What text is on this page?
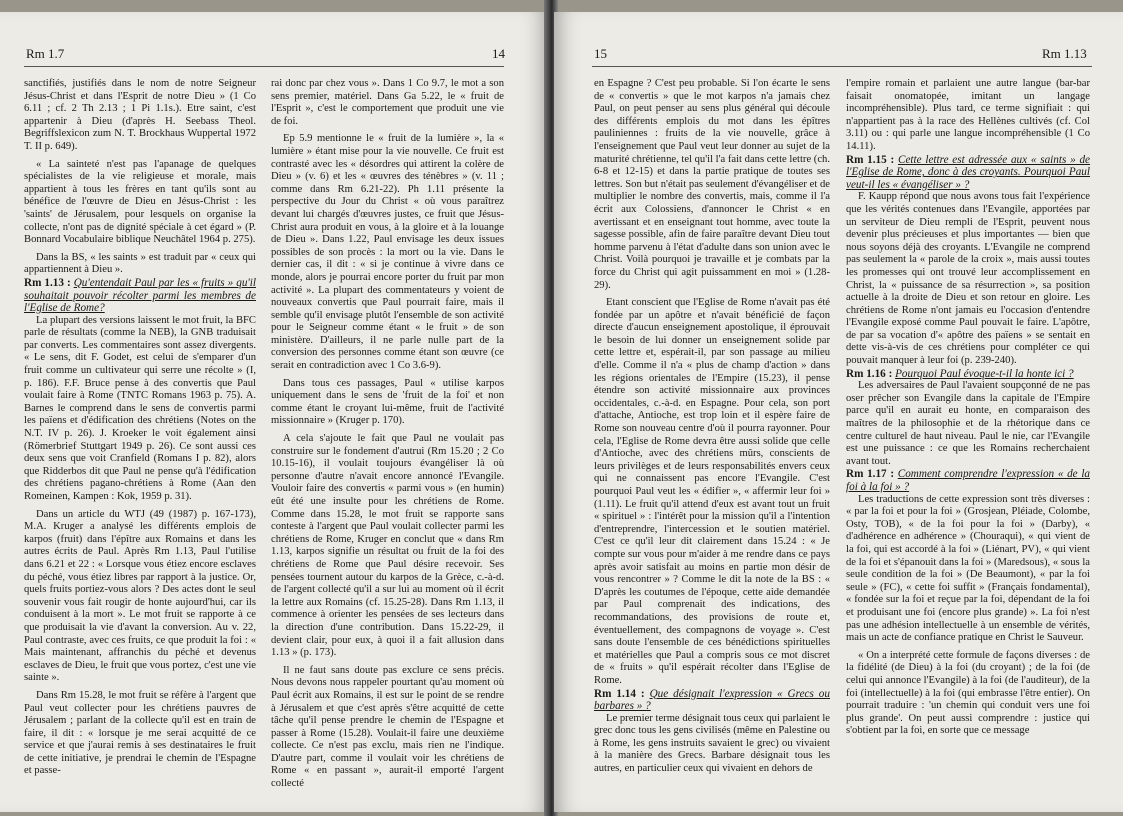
Rm 1.7	14

sanctifiés, justifiés dans le nom de notre Seigneur Jésus-Christ et dans l'Esprit de notre Dieu » (1 Co 6.11 ; cf. 2 Th 2.13 ; 1 Pi 1.1s.). Etre saint, c'est appartenir à Dieu (d'après H. Seebass Theol. Begriffslexicon zum N. T. Brockhaus Wuppertal 1972 T. II p. 649).

« La sainteté n'est pas l'apanage de quelques spécialistes de la vie religieuse et morale, mais appartient à tous les frères en tant qu'ils sont au bénéfice de l'œuvre de Dieu en Jésus-Christ : les 'saints' de Jérusalem, pour lesquels on organise la collecte, n'ont pas de dignité spéciale à cet égard » (P. Bonnard Vocabulaire biblique Neuchâtel 1964 p. 275).

Dans la BS, « les saints » est traduit par « ceux qui appartiennent à Dieu ».

Rm 1.13 : Qu'entendait Paul par les « fruits » qu'il souhaitait pouvoir récolter parmi les membres de l'Eglise de Rome?

La plupart des versions laissent le mot fruit, la BFC parle de résultats (comme la NEB), la GNB traduisait par converts. Les commentaires sont assez divergents. « Le sens, dit F. Godet, est celui de s'emparer d'un fruit comme un cultivateur qui serre une récolte » (I, p. 186). F.F. Bruce pense à des convertis que Paul voulait faire à Rome (TNTC Romans 1963 p. 75). A. Barnes le comprend dans le sens de convertis parmi les païens et d'édification des chrétiens (Notes on the N.T. IV p. 26). J. Kroeker le voit également ainsi (Römerbrief Stuttgart 1949 p. 26). Ce sont aussi ces deux sens que voit Cranfield (Romans I p. 82), alors que Ridderbos dit que Paul ne pense qu'à l'édification des chrétiens pagano-chrétiens à Rome (Aan den Romeinen, Kampen : Kok, 1959 p. 31).

Dans un article du WTJ (49 (1987) p. 167-173), M.A. Kruger a analysé les différents emplois de karpos (fruit) dans l'épître aux Romains et dans les autres écrits de Paul. Après Rm 1.13, Paul l'utilise dans 6.21 et 22 : « Lorsque vous étiez encore esclaves du péché, vous étiez libres par rapport à la justice. Or, quels fruits portiez-vous alors ? Des actes dont le seul souvenir vous fait rougir de honte aujourd'hui, car ils conduisent à la mort ». Le mot fruit se rapporte à ce que produisait la vie d'avant la conversion. Au v. 22, Paul contraste, avec ces fruits, ce que produit la foi : « Mais maintenant, affranchis du péché et devenus esclaves de Dieu, le fruit que vous portez, c'est une vie sainte ».

Dans Rm 15.28, le mot fruit se réfère à l'argent que Paul veut collecter pour les chrétiens pauvres de Jérusalem ; parlant de la collecte qu'il est en train de faire, il dit : « lorsque je me serai acquitté de ce service et que j'aurai remis à ses destinataires le fruit de cette initiative, je prendrai le chemin de l'Espagne et passe-

rai donc par chez vous ». Dans 1 Co 9.7, le mot a son sens premier, matériel. Dans Ga 5.22, le « fruit de l'Esprit », c'est le comportement que produit une vie de foi.

Ep 5.9 mentionne le « fruit de la lumière », la « lumière » étant mise pour la vie nouvelle. Ce fruit est contrasté avec les « désordres qui attirent la colère de Dieu » (v. 6) et les « œuvres des ténèbres » (v. 11 ; comme dans Rm 6.21-22). Ph 1.11 présente la perspective du Jour du Christ « où vous paraîtrez devant lui chargés d'œuvres justes, ce fruit que Jésus-Christ aura produit en vous, à la gloire et à la louange de Dieu ». Dans 1.22, Paul envisage les deux issues possibles de son procès : la mort ou la vie. Dans le dernier cas, il dit : « si je continue à vivre dans ce monde, alors je pourrai encore porter du fruit par mon activité ». La plupart des commentateurs y voient de nouveaux convertis que Paul pourrait faire, mais il semble qu'il envisage plutôt l'ensemble de son activité pour le Seigneur comme étant « le fruit » de son ministère. D'ailleurs, il ne parle nulle part de la conversion des personnes comme étant son œuvre (ce serait en contradiction avec 1 Co 3.6-9).

Dans tous ces passages, Paul « utilise karpos uniquement dans le sens de 'fruit de la foi' et non comme étant le croyant lui-même, fruit de l'activité missionnaire » (Kruger p. 170).

A cela s'ajoute le fait que Paul ne voulait pas construire sur le fondement d'autrui (Rm 15.20 ; 2 Co 10.15-16), il voulait toujours évangéliser là où personne d'autre n'avait encore annoncé l'Evangile. Vouloir faire des convertis « parmi vous » (en humin) eût été une insulte pour les chrétiens de Rome. Comme dans 15.28, le mot fruit se rapporte sans conteste à l'argent que Paul voulait collecter parmi les chrétiens de Rome, Kruger en conclut que « dans Rm 1.13, karpos signifie un résultat ou fruit de la foi des chrétiens de Rome que Paul désire recevoir. Ses pensées tournent autour du karpos de la Grèce, c.-à-d. de l'argent collecté qu'il a sur lui au moment où il écrit la lettre aux Romains (cf. 15.25-28). Dans Rm 1.13, il commence à orienter les pensées de ses lecteurs dans la direction d'une contribution. Dans 15.22-29, il devient clair, pour eux, à quoi il a fait allusion dans 1.13 » (p. 173).

Il ne faut sans doute pas exclure ce sens précis. Nous devons nous rappeler pourtant qu'au moment où Paul écrit aux Romains, il est sur le point de se rendre à Jérusalem et que c'est après s'être acquitté de cette tâche qu'il pense prendre le chemin de l'Espagne et passer à Rome (15.28). Voulait-il faire une deuxième collecte. Ce n'est pas exclu, mais rien ne l'indique. D'autre part, comme il voulait voir les chrétiens de Rome « en passant », aurait-il emporté l'argent collecté

15	Rm 1.13

en Espagne ? C'est peu probable. Si l'on écarte le sens de « convertis » que le mot karpos n'a jamais chez Paul, on peut penser au sens plus général qui découle des différents emplois du mot dans les épîtres pauliniennes : fruits de la vie nouvelle, grâce à l'enseignement que Paul veut leur donner au sujet de la maturité chrétienne, tel qu'il l'a fait dans cette lettre (ch. 6-8 et 12-15) et dans la partie pratique de toutes ses lettres. Son but n'était pas seulement d'évangéliser et de multiplier le nombre des convertis, mais, comme il l'a écrit aux Colossiens, d'annoncer le Christ « en avertissant et en enseignant tout homme, avec toute la sagesse possible, afin de faire paraître devant Dieu tout homme parvenu à l'état d'adulte dans son union avec le Christ. Voilà pourquoi je travaille et je combats par la force du Christ qui agit puissamment en moi » (1.28-29).

Etant conscient que l'Eglise de Rome n'avait pas été fondée par un apôtre et n'avait bénéficié de façon directe d'aucun enseignement apostolique, il éprouvait le besoin de lui donner un enseignement solide par cette lettre et, espérait-il, par son passage au milieu d'elle. Comme il n'a « plus de champ d'action » dans les régions orientales de l'Empire (15.23), il pense étendre son activité missionnaire aux provinces occidentales, c.-à-d. en Espagne. Pour cela, son port d'attache, Antioche, est trop loin et il espère faire de Rome son nouveau centre d'où il pourra rayonner. Pour cela, l'Eglise de Rome devra être aussi solide que celle d'Antioche, avec des chrétiens mûrs, conscients de leurs privilèges et de leurs responsabilités envers ceux qui ne connaissent pas encore l'Evangile. C'est pourquoi Paul veut les « édifier », « affermir leur foi » (1.11). Le fruit qu'il attend d'eux est avant tout un fruit « spirituel » : l'intérêt pour la mission qu'il a l'intention d'entreprendre, l'intercession et le soutien matériel. C'est ce qu'il leur dit clairement dans 15.24 : « Je compte sur vous pour m'aider à me rendre dans ce pays après avoir satisfait au moins en partie mon désir de vous rencontrer » ? Comme le dit la note de la BS : « D'après les coutumes de l'époque, cette aide demandée par Paul comprenait des indications, des recommandations, des provisions de route et, éventuellement, des compagnons de voyage ». C'est sans doute l'ensemble de ces bénédictions spirituelles et matérielles que Paul a compris sous ce mot discret de « fruits » qu'il espérait récolter dans l'Eglise de Rome.

Rm 1.14 : Que désignait l'expression « Grecs ou barbares » ?

Le premier terme désignait tous ceux qui parlaient le grec donc tous les gens civilisés (même en Palestine ou à Rome, les gens instruits savaient le grec) ou vivaient à la manière des Grecs. Barbare désignait tous les autres, en particulier ceux qui vivaient en dehors de

l'empire romain et parlaient une autre langue (bar-bar faisait onomatopée, imitant un langage incompréhensible). Plus tard, ce terme signifiait : qui n'appartient pas à la race des Hellènes cultivés (cf. Col 3.11) ou : qui parle une langue incompréhensible (1 Co 14.11).

Rm 1.15 : Cette lettre est adressée aux « saints » de l'Eglise de Rome, donc à des croyants. Pourquoi Paul veut-il les « évangéliser » ?

F. Kaupp répond que nous avons tous fait l'expérience que les vérités contenues dans l'Evangile, apportées par un serviteur de Dieu rempli de l'Esprit, peuvent nous devenir plus précieuses et plus importantes — bien que nous soyons déjà des croyants. L'Evangile ne comprend pas seulement la « parole de la croix », mais aussi toutes les promesses qui ont trouvé leur accomplissement en Christ, la « puissance de sa résurrection », sa position actuelle à la droite de Dieu et son retour en gloire. Les chrétiens de Rome n'ont jamais eu l'occasion d'entendre l'Evangile exposé comme Paul pouvait le faire. L'apôtre, de par sa vocation d'« apôtre des païens » se sentait en dette vis-à-vis de ces chrétiens pour compléter ce qui pouvait manquer à leur foi (p. 239-240).

Rm 1.16 : Pourquoi Paul évoque-t-il la honte ici ?

Les adversaires de Paul l'avaient soupçonné de ne pas oser prêcher son Evangile dans la capitale de l'Empire parce qu'il en aurait eu honte, en comparaison des maîtres de la philosophie et de la rhétorique dans ce centre culturel de haut niveau. Paul le nie, car l'Evangile est une puissance : ce que les Romains recherchaient avant tout.

Rm 1.17 : Comment comprendre l'expression « de la foi à la foi » ?

Les traductions de cette expression sont très diverses : « par la foi et pour la foi » (Grosjean, Pléiade, Colombe, Osty, TOB), « de la foi pour la foi » (Darby), « d'adhérence en adhérence » (Chouraqui), « qui vient de la foi, qui est accordé à la foi » (Liénart, PV), « qui vient de la foi et s'épanouit dans la foi » (Maredsous), « sous la seule condition de la foi » (De Beaumont), « par la foi seule » (FC), « cette foi suffit » (Français fondamental), « fondée sur la foi et reçue par la foi, dépendant de la foi et produisant une foi (encore plus grande) ». La foi n'est pas une adhésion intellectuelle à un ensemble de vérités, mais un acte de confiance pratique en Christ le Sauveur.

« On a interprété cette formule de façons diverses : de la fidélité (de Dieu) à la foi (du croyant) ; de la foi (de celui qui annonce l'Evangile) à la foi (de l'auditeur), de la foi (intellectuelle) à la foi (qui embrasse l'être entier). On pourrait traduire : 'un chemin qui conduit vers une foi plus grande'. On peut aussi comprendre : justice qui s'obtient par la foi, en sorte que ce message
